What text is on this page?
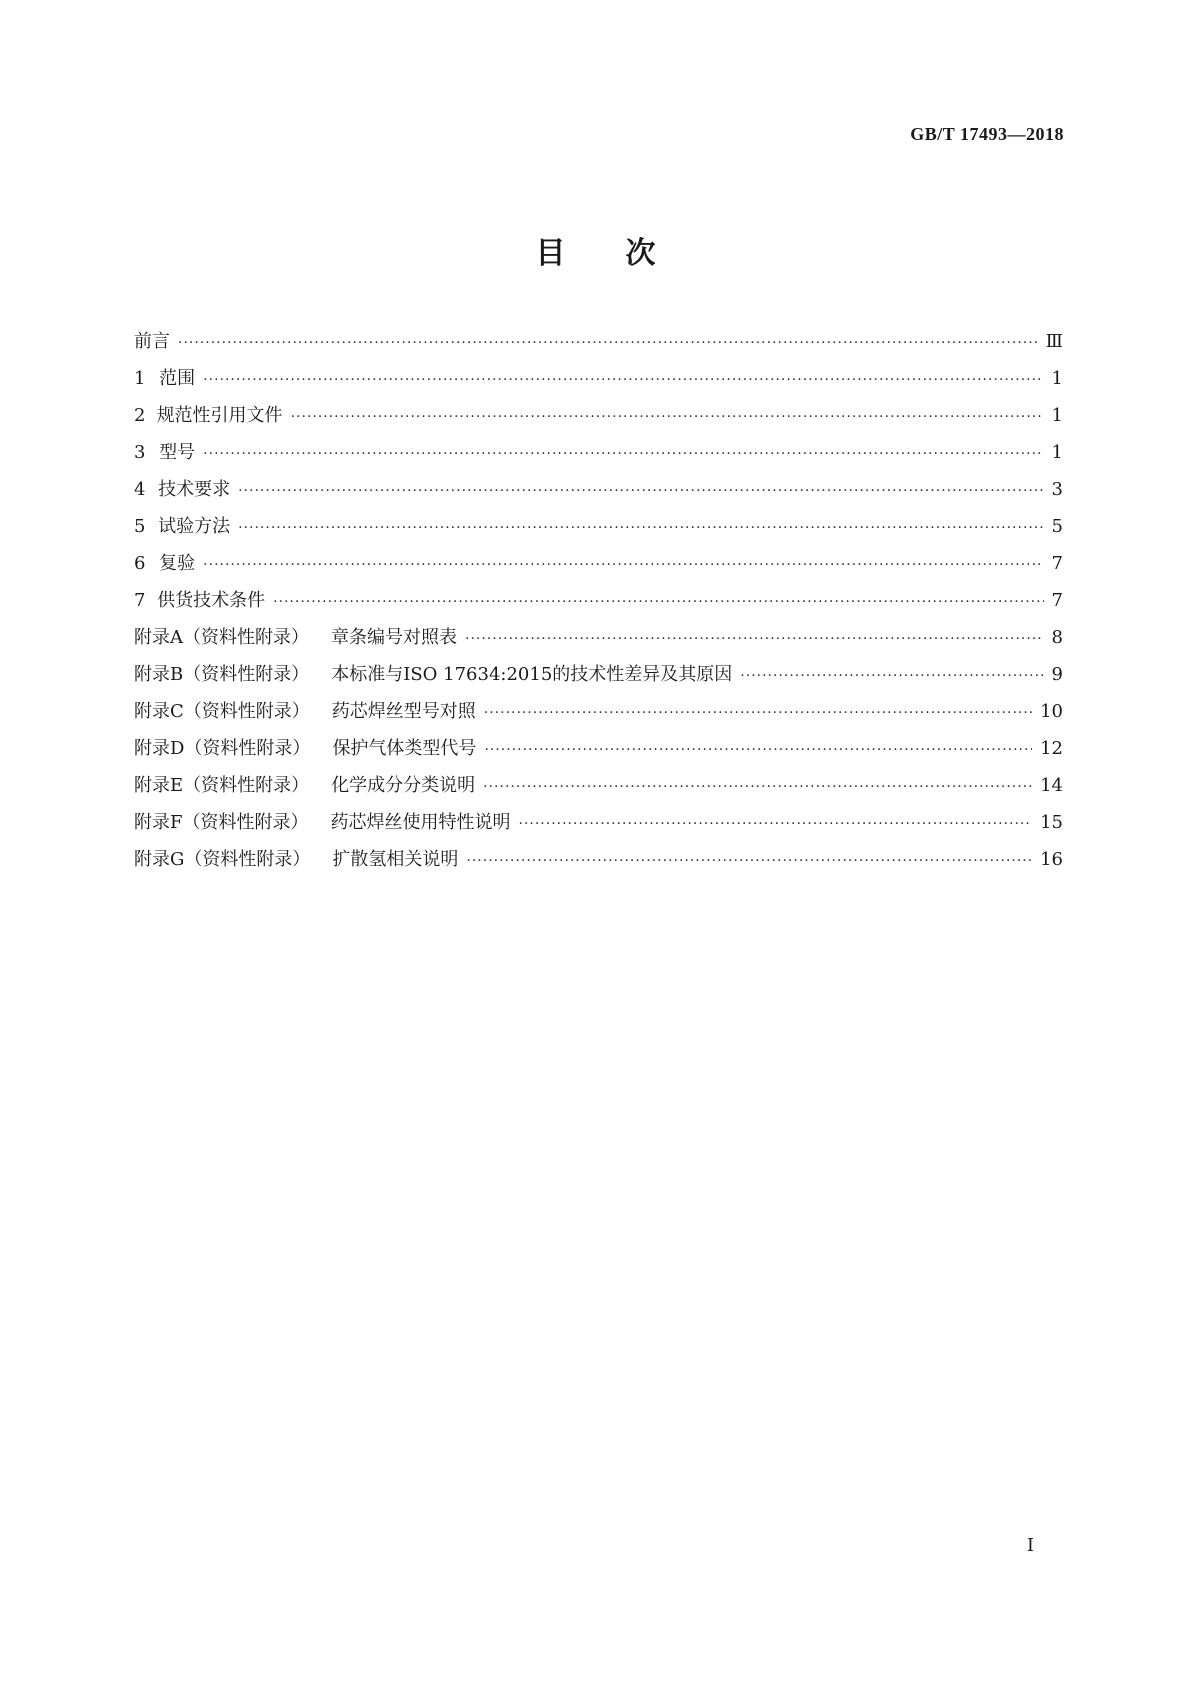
GB/T 17493—2018
目次
前言 ·····	Ⅲ
1 范围 ·····	1
2 规范性引用文件 ·····	1
3 型号 ·····	1
4 技术要求 ·····	3
5 试验方法 ·····	5
6 复验 ·····	7
7 供货技术条件 ·····	7
附录A（资料性附录） 章条编号对照表 ·····	8
附录B（资料性附录） 本标准与ISO 17634:2015的技术性差异及其原因 ·····	9
附录C（资料性附录） 药芯焊丝型号对照 ·····	10
附录D（资料性附录） 保护气体类型代号 ·····	12
附录E（资料性附录） 化学成分分类说明 ·····	14
附录F（资料性附录） 药芯焊丝使用特性说明 ·····	15
附录G（资料性附录） 扩散氢相关说明 ·····	16
I
